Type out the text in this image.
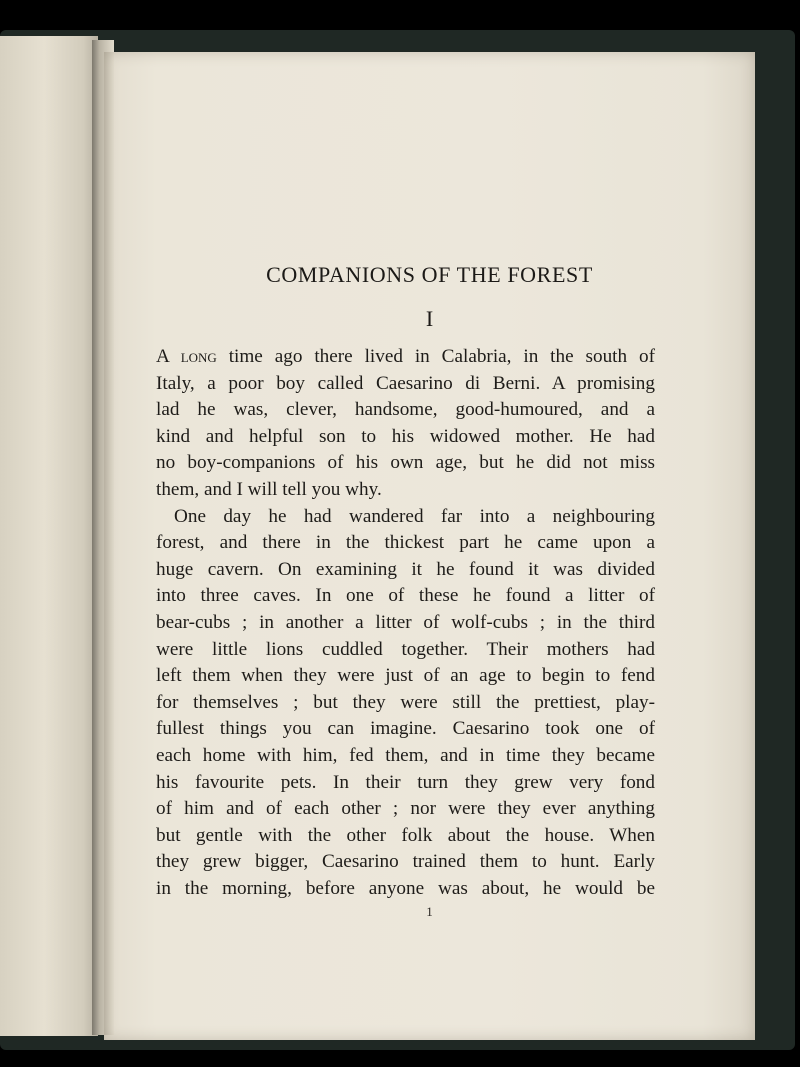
COMPANIONS OF THE FOREST
I
A long time ago there lived in Calabria, in the south of
Italy, a poor boy called Caesarino di Berni. A promising
lad he was, clever, handsome, good-humoured, and a
kind and helpful son to his widowed mother. He had
no boy-companions of his own age, but he did not miss
them, and I will tell you why.
One day he had wandered far into a neighbouring
forest, and there in the thickest part he came upon a
huge cavern. On examining it he found it was divided
into three caves. In one of these he found a litter of
bear-cubs ; in another a litter of wolf-cubs ; in the third
were little lions cuddled together. Their mothers had
left them when they were just of an age to begin to fend
for themselves ; but they were still the prettiest, play-
fullest things you can imagine. Caesarino took one of
each home with him, fed them, and in time they became
his favourite pets. In their turn they grew very fond
of him and of each other ; nor were they ever anything
but gentle with the other folk about the house. When
they grew bigger, Caesarino trained them to hunt. Early
in the morning, before anyone was about, he would be
1
